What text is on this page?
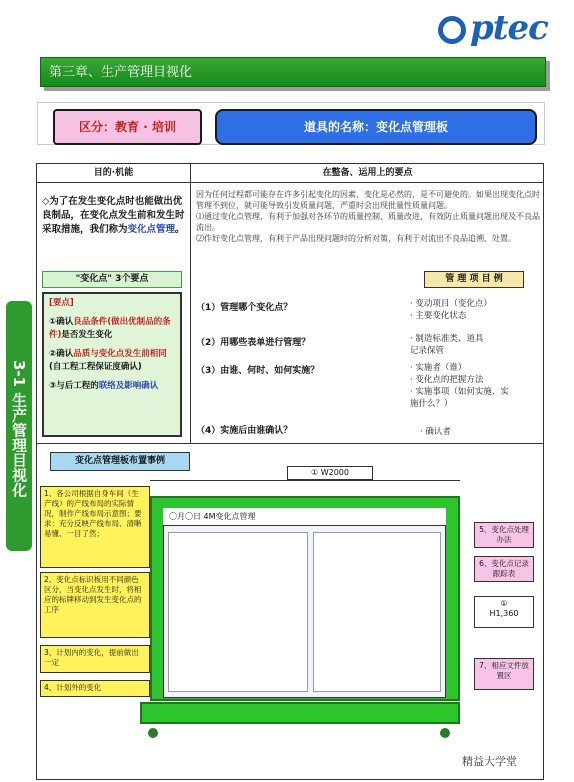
ptec
第三章、生产管理目视化
区分：教育 · 培训	道具的名称：变化点管理板
3-1 生产管理目视化
目的·机能	在整备、运用上的要点
◇为了在发生变化点时也能做出优良制品，在变化点发生前和发生时采取措施，我们称为变化点管理。

因为任何过程都可能存在许多引起变化的因素，变化是必然的，是不可避免的。如果出现变化点时管理不到位，就可能导致引发质量问题，严重时会出现批量性质量问题。

⑴通过变化点管理，有利于加强对各环节的质量控制、质量改进，有效防止质量问题出现及不良品流出。

⑵作好变化点管理，有利于产品出现问题时的分析对策，有利于对流出不良品追溯、处置。

"变化点" 3个要点
[要点]
①确认良品条件(做出优制品的条件)是否发生变化
②确认品质与变化点发生前相同(自工程工程保证度确认)
③与后工程的联络及影响确认
管 理 项 目 例
（1）管理哪个变化点？	· 变动项目（变化点）
· 主要变化状态
（2）用哪些表单进行管理？	· 制造标准类、道具
记录保管
（3）由谁、何时、如何实施？	· 实施者（谁）
· 变化点的把握方法
· 实施事项（如何实施、实
施什么？）
（4）实施后由谁确认？	· 确认者
变化点管理板布置事例
① W2000
〇月〇日 4M变化点管理
1、各公司根据自身车间（生产线）的产线布局的实际情况，制作产线布局示意图；要求：充分反映产线布局、清晰易懂、一目了然；
2、变化点标识板用不同颜色区分，当变化点发生时，将相应的标牌移动到发生变化点的工序
3、计划内的变化，提前做出一定
4、计划外的变化
5、变化点处理办法
6、变化点记录跟踪表
①
H1,360
7、相应文件放置区
精益大学堂
